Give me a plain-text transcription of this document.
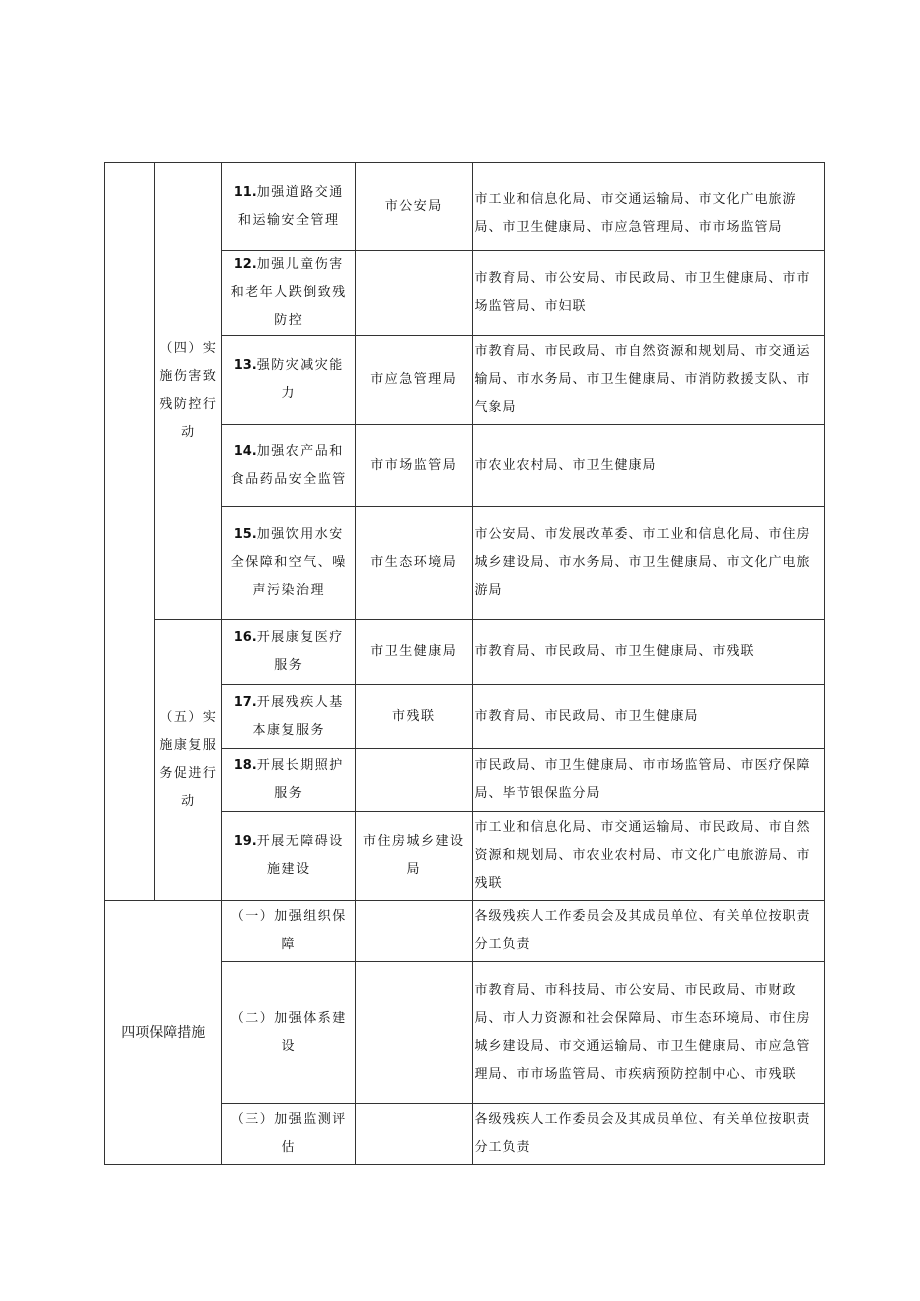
	（四）实施伤害致残防控行动	11.加强道路交通和运输安全管理	市公安局	市工业和信息化局、市交通运输局、市文化广电旅游局、市卫生健康局、市应急管理局、市市场监管局
		12.加强儿童伤害和老年人跌倒致残防控		市教育局、市公安局、市民政局、市卫生健康局、市市场监管局、市妇联
		13.强防灾减灾能力	市应急管理局	市教育局、市民政局、市自然资源和规划局、市交通运输局、市水务局、市卫生健康局、市消防救援支队、市气象局
		14.加强农产品和食品药品安全监管	市市场监管局	市农业农村局、市卫生健康局
		15.加强饮用水安全保障和空气、噪声污染治理	市生态环境局	市公安局、市发展改革委、市工业和信息化局、市住房城乡建设局、市水务局、市卫生健康局、市文化广电旅游局
	（五）实施康复服务促进行动	16.开展康复医疗服务	市卫生健康局	市教育局、市民政局、市卫生健康局、市残联
		17.开展残疾人基本康复服务	市残联	市教育局、市民政局、市卫生健康局
		18.开展长期照护服务		市民政局、市卫生健康局、市市场监管局、市医疗保障局、毕节银保监分局
		19.开展无障碍设施建设	市住房城乡建设局	市工业和信息化局、市交通运输局、市民政局、市自然资源和规划局、市农业农村局、市文化广电旅游局、市残联
四项保障措施		（一）加强组织保障		各级残疾人工作委员会及其成员单位、有关单位按职责分工负责
		（二）加强体系建设		市教育局、市科技局、市公安局、市民政局、市财政局、市人力资源和社会保障局、市生态环境局、市住房城乡建设局、市交通运输局、市卫生健康局、市应急管理局、市市场监管局、市疾病预防控制中心、市残联
		（三）加强监测评估		各级残疾人工作委员会及其成员单位、有关单位按职责分工负责
